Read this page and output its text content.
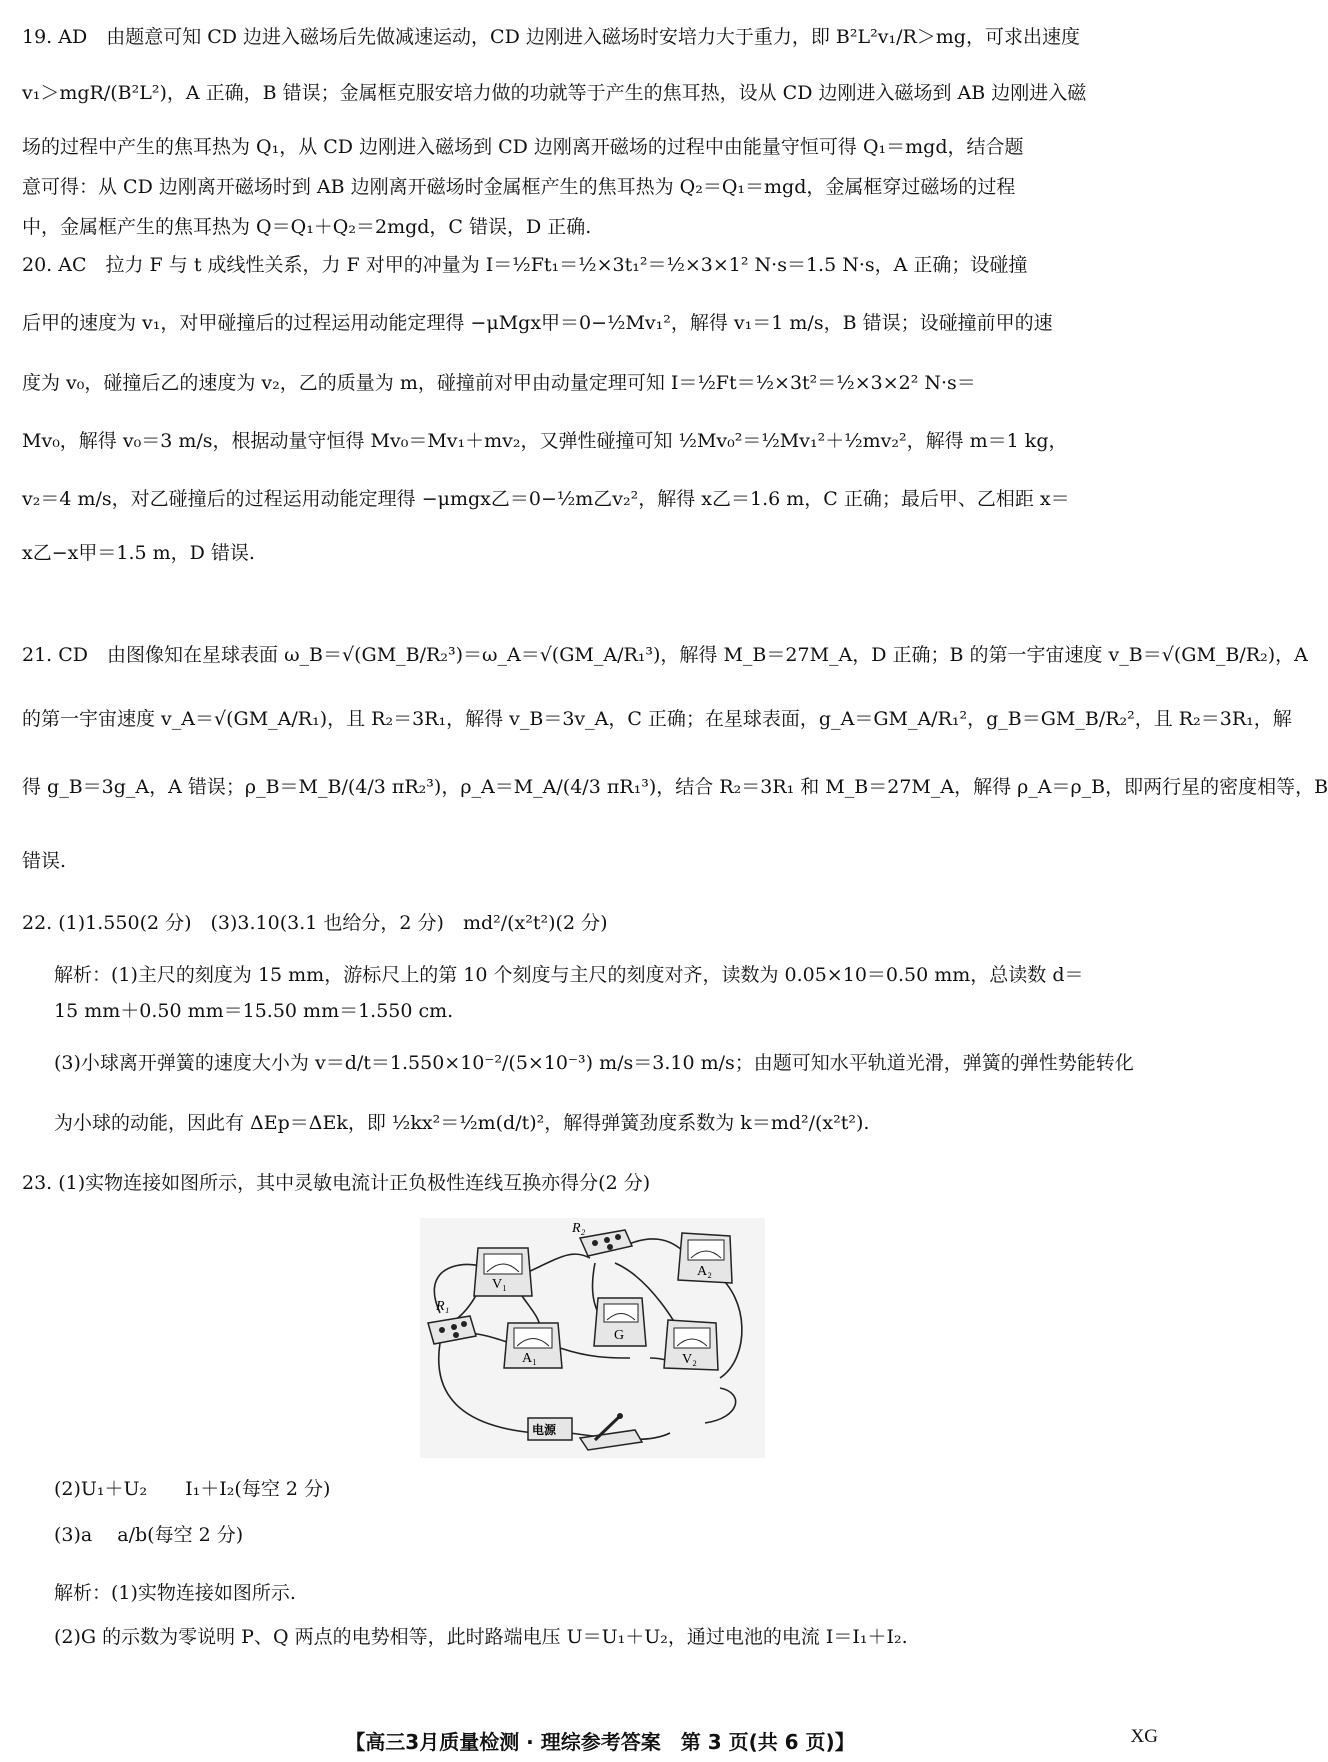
19. AD　由题意可知 CD 边进入磁场后先做减速运动，CD 边刚进入磁场时安培力大于重力，即 B²L²v₁/R＞mg，可求出速度
v₁＞mgR/(B²L²)，A 正确，B 错误；金属框克服安培力做的功就等于产生的焦耳热，设从 CD 边刚进入磁场到 AB 边刚进入磁
场的过程中产生的焦耳热为 Q₁，从 CD 边刚进入磁场到 CD 边刚离开磁场的过程中由能量守恒可得 Q₁＝mgd，结合题
意可得：从 CD 边刚离开磁场时到 AB 边刚离开磁场时金属框产生的焦耳热为 Q₂＝Q₁＝mgd，金属框穿过磁场的过程
中，金属框产生的焦耳热为 Q＝Q₁＋Q₂＝2mgd，C 错误，D 正确.
20. AC　拉力 F 与 t 成线性关系，力 F 对甲的冲量为 I＝½Ft₁＝½×3t₁²＝½×3×1² N·s＝1.5 N·s，A 正确；设碰撞
后甲的速度为 v₁，对甲碰撞后的过程运用动能定理得 −μMgx甲＝0−½Mv₁²，解得 v₁＝1 m/s，B 错误；设碰撞前甲的速
度为 v₀，碰撞后乙的速度为 v₂，乙的质量为 m，碰撞前对甲由动量定理可知 I＝½Ft＝½×3t²＝½×3×2² N·s＝
Mv₀，解得 v₀＝3 m/s，根据动量守恒得 Mv₀＝Mv₁＋mv₂，又弹性碰撞可知 ½Mv₀²＝½Mv₁²＋½mv₂²，解得 m＝1 kg，
v₂＝4 m/s，对乙碰撞后的过程运用动能定理得 −μmgx乙＝0−½m乙v₂²，解得 x乙＝1.6 m，C 正确；最后甲、乙相距 x＝
x乙−x甲＝1.5 m，D 错误.
21. CD　由图像知在星球表面 ω_B＝√(GM_B/R₂³)＝ω_A＝√(GM_A/R₁³)，解得 M_B＝27M_A，D 正确；B 的第一宇宙速度 v_B＝√(GM_B/R₂)，A
的第一宇宙速度 v_A＝√(GM_A/R₁)，且 R₂＝3R₁，解得 v_B＝3v_A，C 正确；在星球表面，g_A＝GM_A/R₁²，g_B＝GM_B/R₂²，且 R₂＝3R₁，解
得 g_B＝3g_A，A 错误；ρ_B＝M_B/(4/3 πR₂³)，ρ_A＝M_A/(4/3 πR₁³)，结合 R₂＝3R₁ 和 M_B＝27M_A，解得 ρ_A＝ρ_B，即两行星的密度相等，B
错误.
22. (1)1.550(2 分)　(3)3.10(3.1 也给分，2 分)　md²/(x²t²)(2 分)
解析：(1)主尺的刻度为 15 mm，游标尺上的第 10 个刻度与主尺的刻度对齐，读数为 0.05×10＝0.50 mm，总读数 d＝
15 mm＋0.50 mm＝15.50 mm＝1.550 cm.
(3)小球离开弹簧的速度大小为 v＝d/t＝1.550×10⁻²/(5×10⁻³) m/s＝3.10 m/s；由题可知水平轨道光滑，弹簧的弹性势能转化
为小球的动能，因此有 ΔEp＝ΔEk，即 ½kx²＝½m(d/t)²，解得弹簧劲度系数为 k＝md²/(x²t²).
23. (1)实物连接如图所示，其中灵敏电流计正负极性连线互换亦得分(2 分)
V₁
R₂
A₂
R₁
A₁
G
V₂
电源
(2)U₁＋U₂　　I₁＋I₂(每空 2 分)
(3)a　 a/b(每空 2 分)
解析：(1)实物连接如图所示.
(2)G 的示数为零说明 P、Q 两点的电势相等，此时路端电压 U＝U₁＋U₂，通过电池的电流 I＝I₁＋I₂.
【高三3月质量检测 · 理综参考答案　第 3 页(共 6 页)】	XG
